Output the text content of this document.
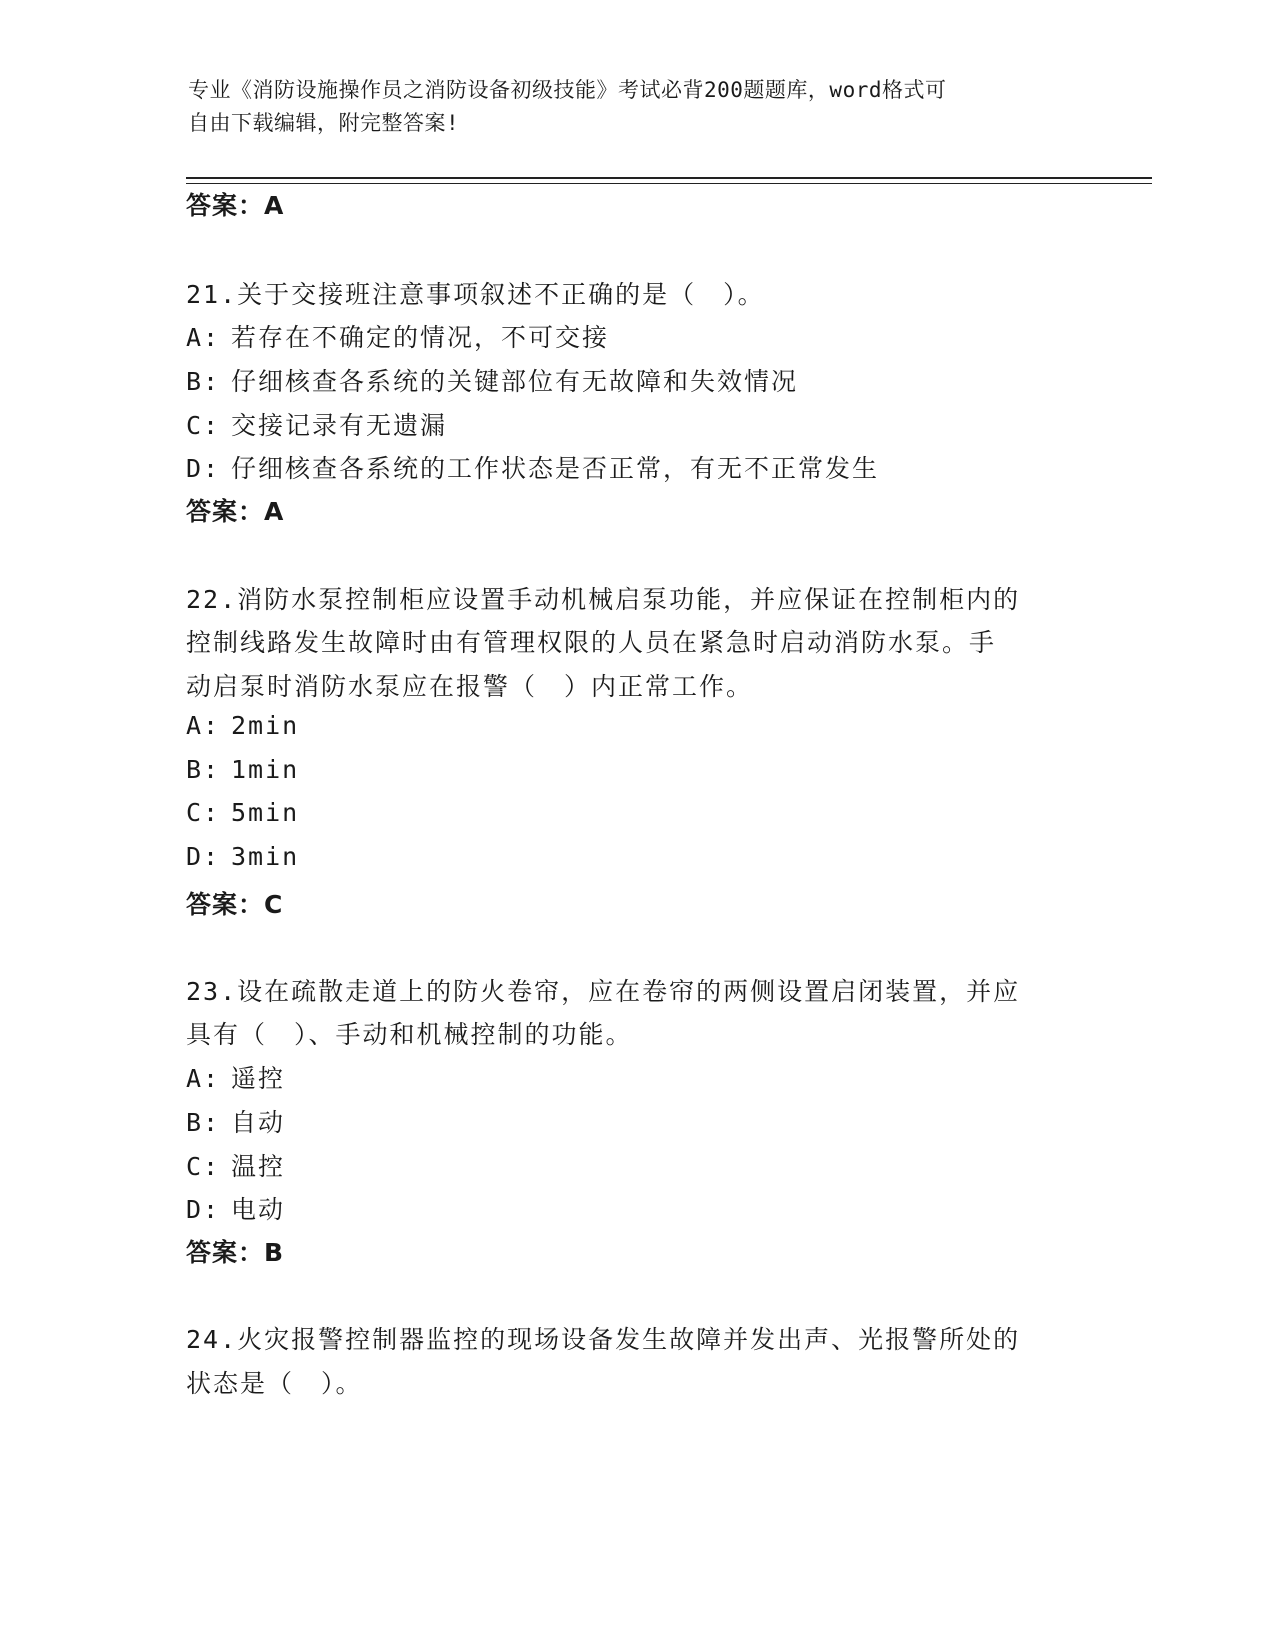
专业《消防设施操作员之消防设备初级技能》考试必背200题题库，word格式可
自由下载编辑，附完整答案!
答案：A
21.关于交接班注意事项叙述不正确的是（　）。
A: 若存在不确定的情况，不可交接
B: 仔细核查各系统的关键部位有无故障和失效情况
C: 交接记录有无遗漏
D: 仔细核查各系统的工作状态是否正常，有无不正常发生
答案：A
22.消防水泵控制柜应设置手动机械启泵功能，并应保证在控制柜内的
控制线路发生故障时由有管理权限的人员在紧急时启动消防水泵。手
动启泵时消防水泵应在报警（　）内正常工作。
A: 2min
B: 1min
C: 5min
D: 3min
答案：C
23.设在疏散走道上的防火卷帘，应在卷帘的两侧设置启闭装置，并应
具有（　）、手动和机械控制的功能。
A: 遥控
B: 自动
C: 温控
D: 电动
答案：B
24.火灾报警控制器监控的现场设备发生故障并发出声、光报警所处的
状态是（　）。
